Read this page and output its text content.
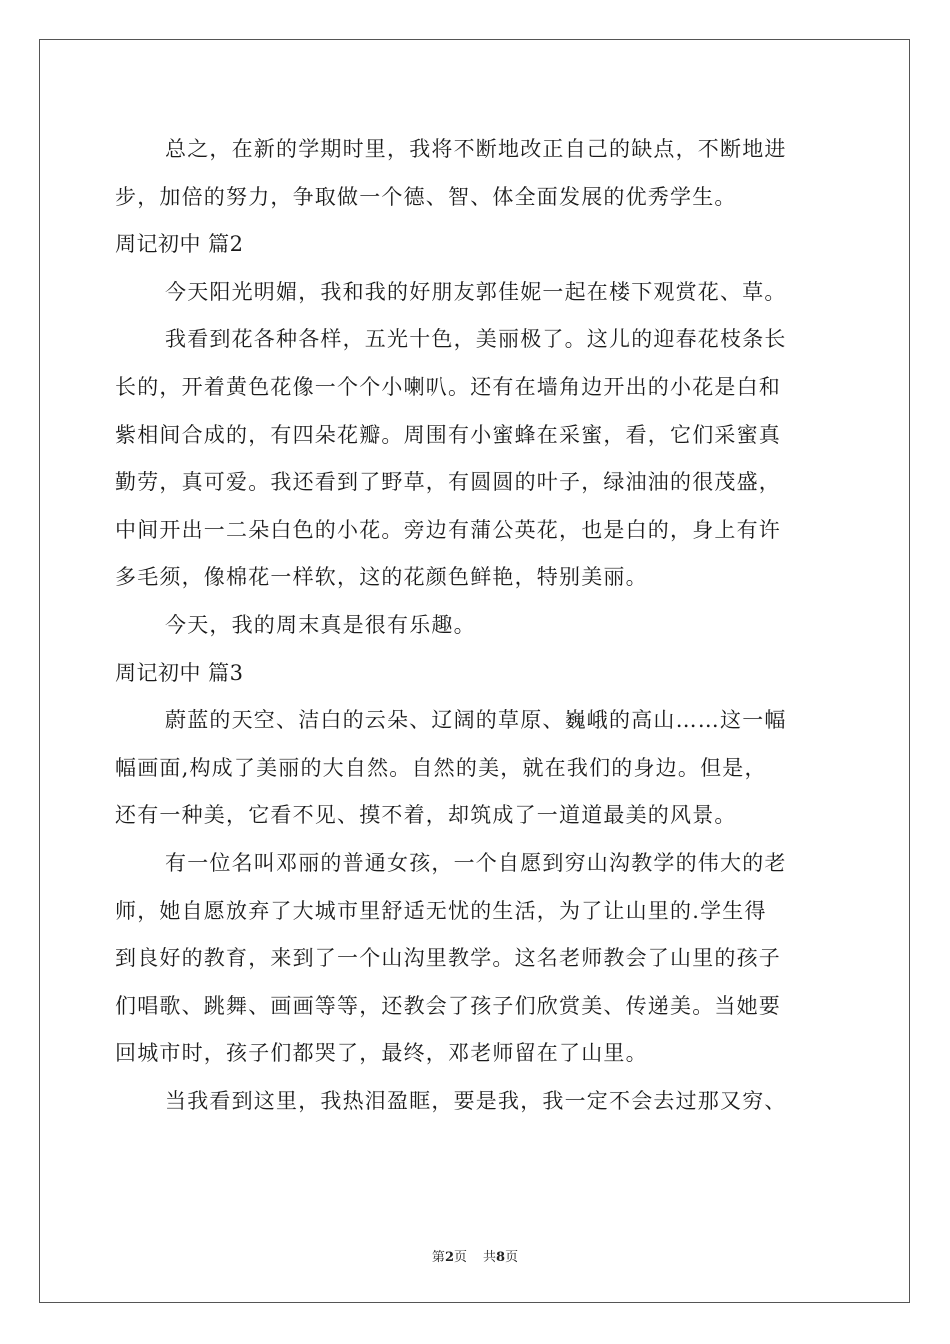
总之，在新的学期时里，我将不断地改正自己的缺点，不断地进
步，加倍的努力，争取做一个德、智、体全面发展的优秀学生。
周记初中 篇2
今天阳光明媚，我和我的好朋友郭佳妮一起在楼下观赏花、草。
我看到花各种各样，五光十色，美丽极了。这儿的迎春花枝条长
长的，开着黄色花像一个个小喇叭。还有在墙角边开出的小花是白和
紫相间合成的，有四朵花瓣。周围有小蜜蜂在采蜜，看，它们采蜜真
勤劳，真可爱。我还看到了野草，有圆圆的叶子，绿油油的很茂盛，
中间开出一二朵白色的小花。旁边有蒲公英花，也是白的，身上有许
多毛须，像棉花一样软，这的花颜色鲜艳，特别美丽。
今天，我的周末真是很有乐趣。
周记初中 篇3
蔚蓝的天空、洁白的云朵、辽阔的草原、巍峨的高山……这一幅
幅画面,构成了美丽的大自然。自然的美，就在我们的身边。但是，
还有一种美，它看不见、摸不着，却筑成了一道道最美的风景。
有一位名叫邓丽的普通女孩，一个自愿到穷山沟教学的伟大的老
师，她自愿放弃了大城市里舒适无忧的生活，为了让山里的.学生得
到良好的教育，来到了一个山沟里教学。这名老师教会了山里的孩子
们唱歌、跳舞、画画等等，还教会了孩子们欣赏美、传递美。当她要
回城市时，孩子们都哭了，最终，邓老师留在了山里。
当我看到这里，我热泪盈眶，要是我，我一定不会去过那又穷、
第2页 共8页
